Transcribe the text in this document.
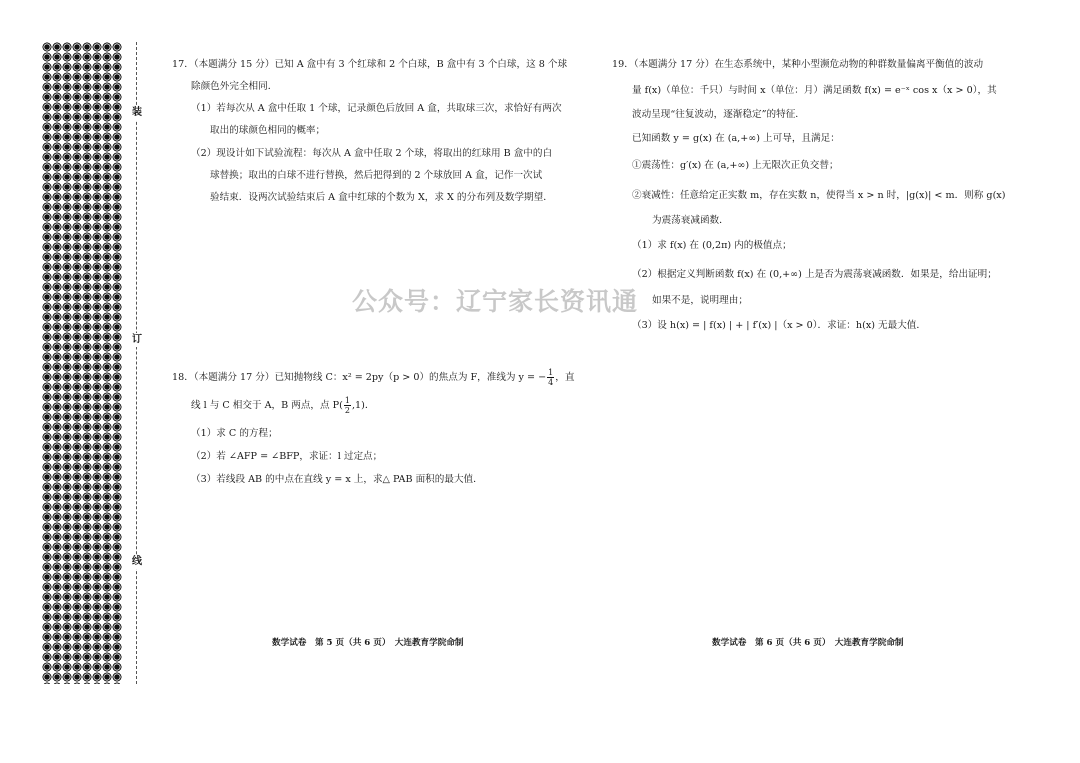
装
订
线
17．（本题满分 15 分）已知 A 盒中有 3 个红球和 2 个白球，B 盒中有 3 个白球，这 8 个球
除颜色外完全相同．
（1）若每次从 A 盒中任取 1 个球，记录颜色后放回 A 盒，共取球三次，求恰好有两次
取出的球颜色相同的概率；
（2）现设计如下试验流程：每次从 A 盒中任取 2 个球，将取出的红球用 B 盒中的白
球替换；取出的白球不进行替换，然后把得到的 2 个球放回 A 盒，记作一次试
验结束．设两次试验结束后 A 盒中红球的个数为 X，求 X 的分布列及数学期望．
18．（本题满分 17 分）已知抛物线 C：x² = 2py（p > 0）的焦点为 F，准线为 y = − $\frac{1}{4}$ ，直
线 l 与 C 相交于 A，B 两点，点 $P( \frac{1}{2} ,1)$．
（1）求 C 的方程；
（2）若 ∠AFP = ∠BFP，求证：l 过定点；
（3）若线段 AB 的中点在直线 y = x 上，求△ PAB 面积的最大值．
19．（本题满分 17 分）在生态系统中，某种小型濒危动物的种群数量偏离平衡值的波动
量 f(x)（单位：千只）与时间 x（单位：月）满足函数 f(x) = e⁻ˣ cos x（x > 0），其
波动呈现“往复波动，逐渐稳定”的特征．
已知函数 y = g(x) 在 (a,+∞) 上可导，且满足：
①震荡性：g′(x) 在 (a,+∞) 上无限次正负交替；
②衰减性：任意给定正实数 m，存在实数 n，使得当 x > n 时，|g(x)| < m．则称 g(x)
为震荡衰减函数．
（1）求 f(x) 在 (0,2π) 内的极值点；
（2）根据定义判断函数 f(x) 在 (0,+∞) 上是否为震荡衰减函数．如果是，给出证明；
如果不是，说明理由；
（3）设 h(x) = | f(x) | + | f′(x) |（x > 0）．求证：h(x) 无最大值．
公众号：辽宁家长资讯通
数学试卷　第 5 页（共 6 页）　大连教育学院命制	数学试卷　第 6 页（共 6 页）　大连教育学院命制
